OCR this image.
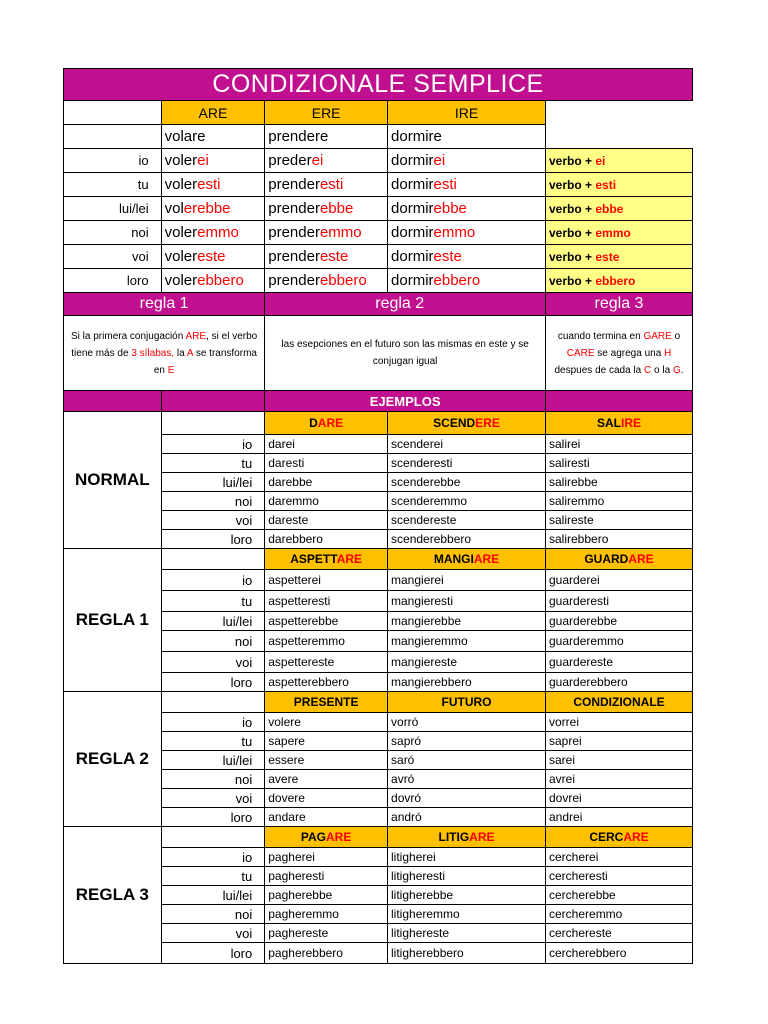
CONDIZIONALE SEMPLICE				
	ARE	ERE	IRE	
	volare	prendere	dormire	
io	volerei	prederei	dormirei	verbo + ei
tu	voleresti	prenderesti	dormiresti	verbo + esti
lui/lei	volerebbe	prenderebbe	dormirebbe	verbo + ebbe
noi	voleremmo	prenderemmo	dormiremmo	verbo + emmo
voi	volereste	prendereste	dormireste	verbo + este
loro	volerebbero	prenderebbero	dormirebbero	verbo + ebbero
regla 1		regla 2		regla 3
Si la primera conjugación ARE, si el verbo tiene más de 3 sílabas, la A se transforma en E		las esepciones en el futuro son las mismas en este y se conjugan igual		cuando termina en GARE o CARE se agrega una H despues de cada la C o la G.
		EJEMPLOS		
NORMAL		DARE	SCENDERE	SALIRE
	io	darei	scenderei	salirei
	tu	daresti	scenderesti	saliresti
	lui/lei	darebbe	scenderebbe	salirebbe
	noi	daremmo	scenderemmo	saliremmo
	voi	dareste	scendereste	salireste
	loro	darebbero	scenderebbero	salirebbero
REGLA 1		ASPETTARE	MANGIARE	GUARDARE
	io	aspetterei	mangierei	guarderei
	tu	aspetteresti	mangieresti	guarderesti
	lui/lei	aspetterebbe	mangierebbe	guarderebbe
	noi	aspetteremmo	mangieremmo	guarderemmo
	voi	aspettereste	mangiereste	guardereste
	loro	aspetterebbero	mangierebbero	guarderebbero
REGLA 2		PRESENTE	FUTURO	CONDIZIONALE
	io	volere	vorró	vorrei
	tu	sapere	sapró	saprei
	lui/lei	essere	saró	sarei
	noi	avere	avró	avrei
	voi	dovere	dovró	dovrei
	loro	andare	andró	andrei
REGLA 3		PAGARE	LITIGARE	CERCARE
	io	pagherei	litigherei	cercherei
	tu	pagheresti	litigheresti	cercheresti
	lui/lei	pagherebbe	litigherebbe	cercherebbe
	noi	pagheremmo	litigheremmo	cercheremmo
	voi	paghereste	litighereste	cerchereste
	loro	pagherebbero	litigherebbero	cercherebbero
